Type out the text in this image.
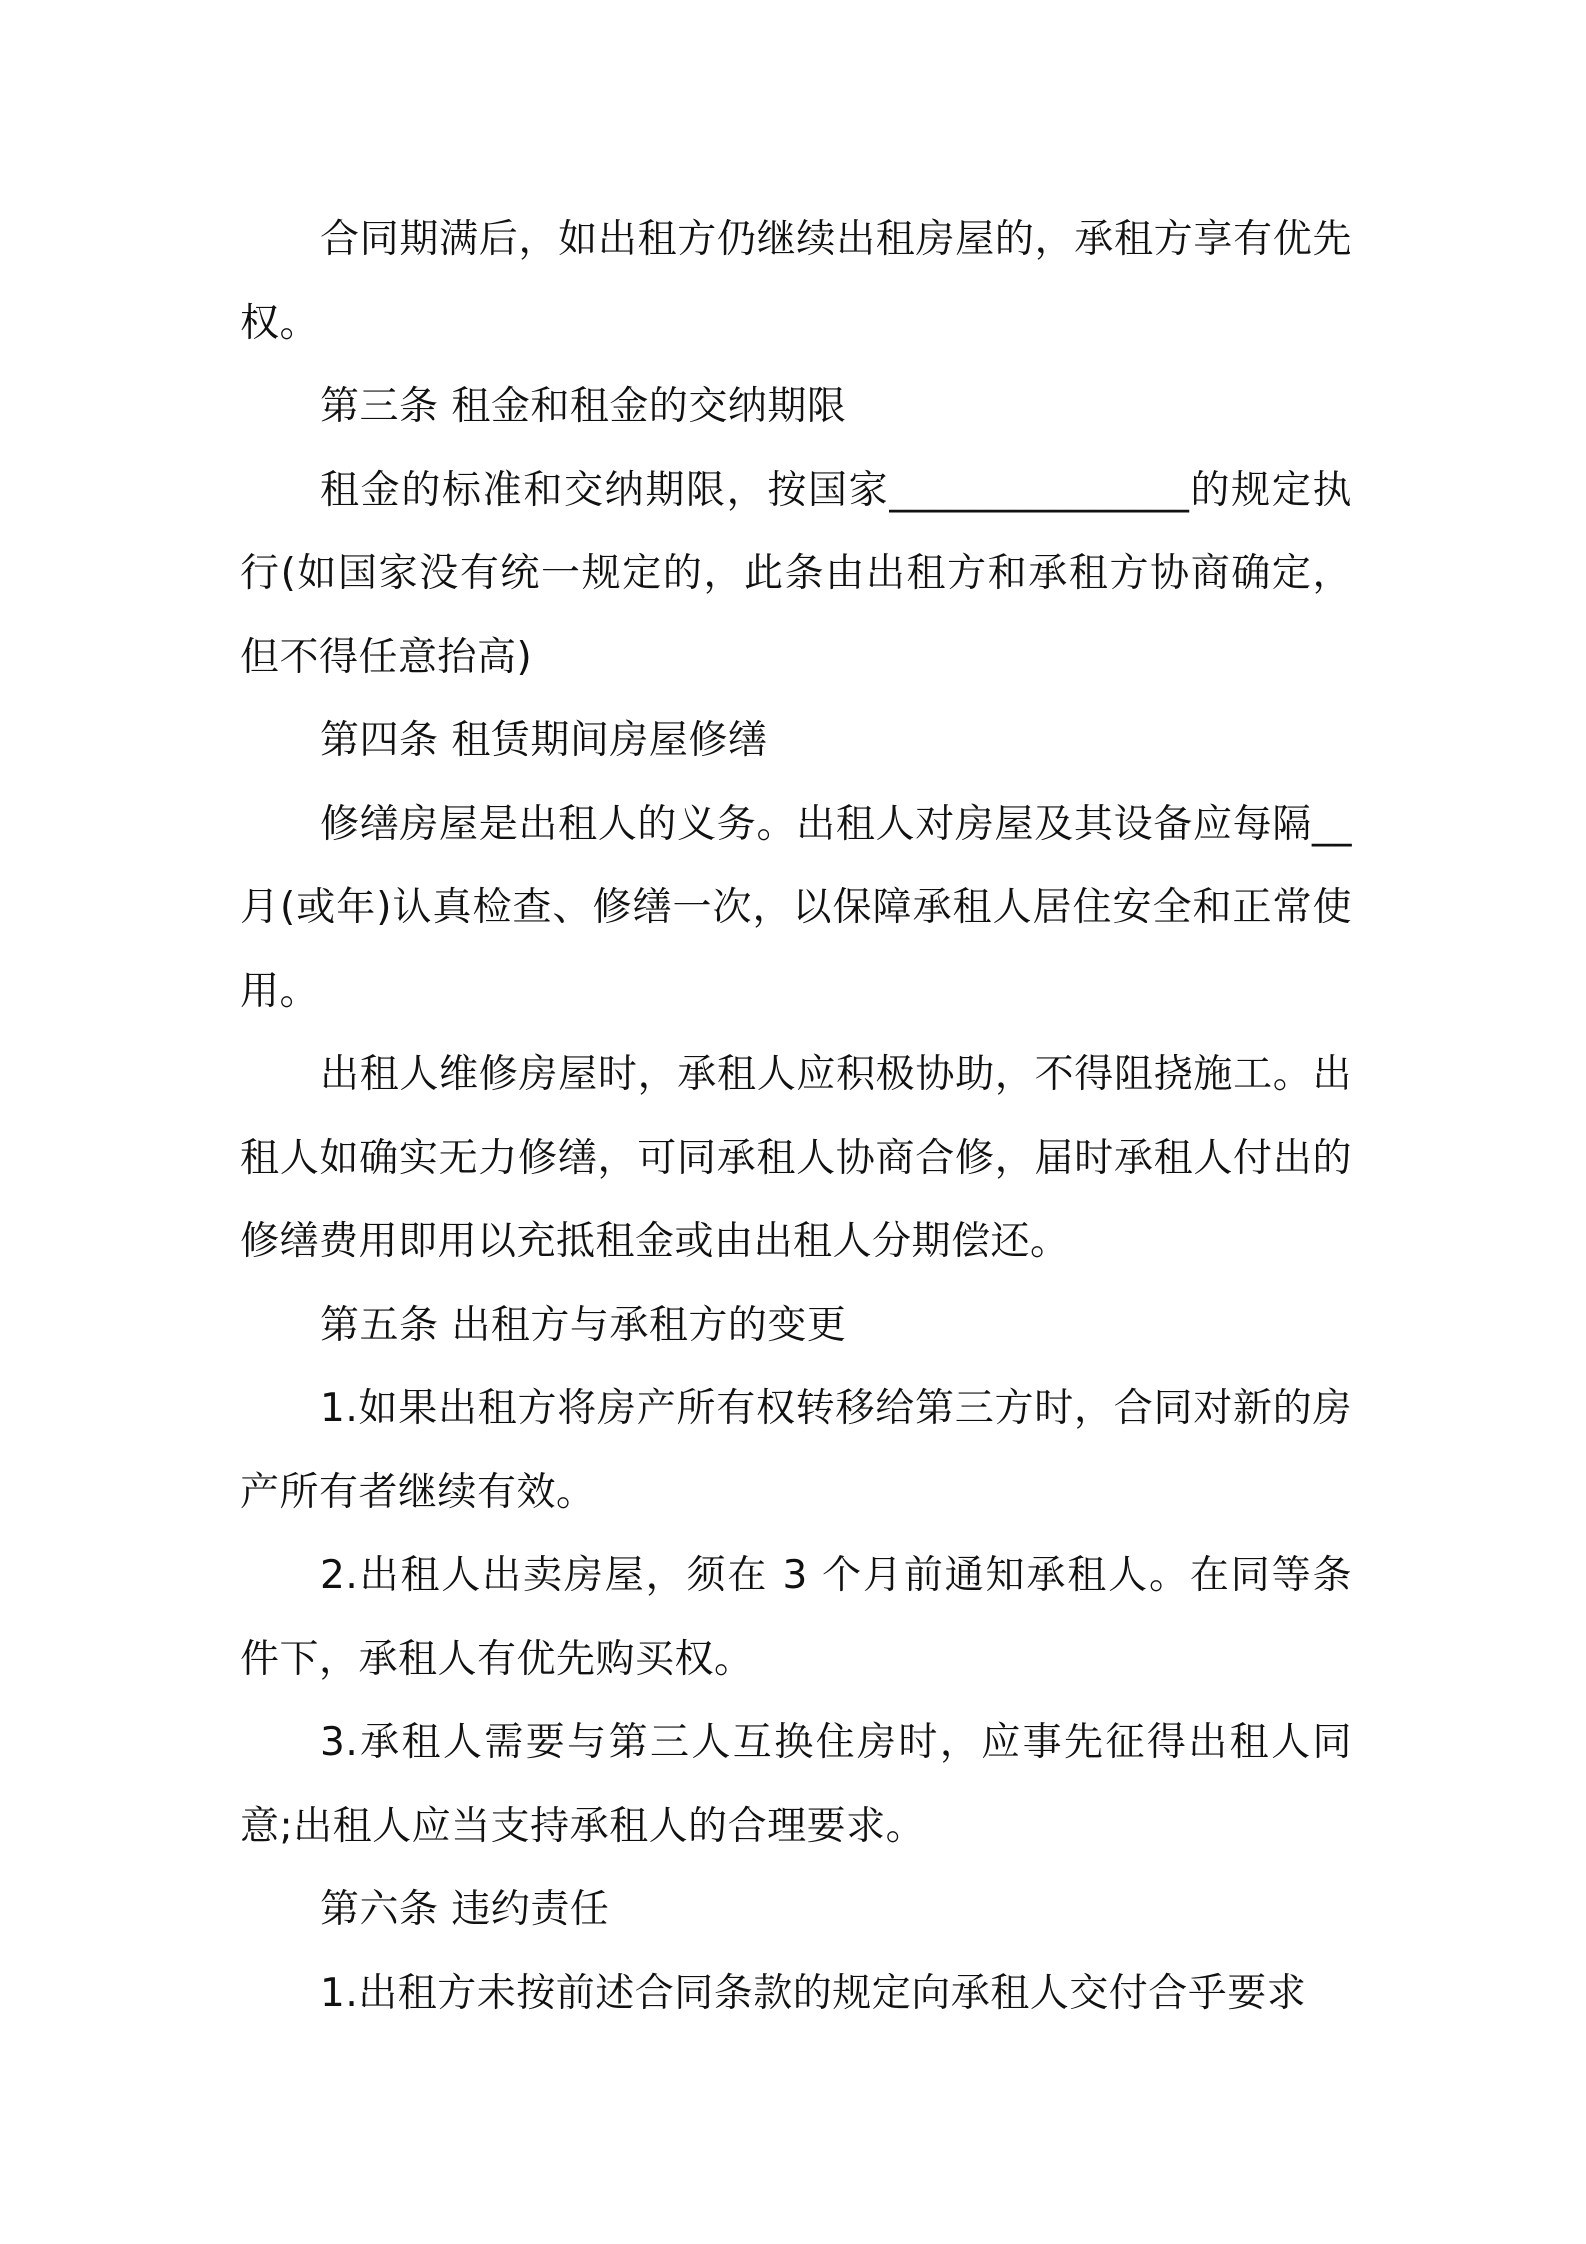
合同期满后，如出租方仍继续出租房屋的，承租方享有优先权。

第三条 租金和租金的交纳期限

租金的标准和交纳期限，按国家_______________的规定执行(如国家没有统一规定的，此条由出租方和承租方协商确定，但不得任意抬高)

第四条 租赁期间房屋修缮

修缮房屋是出租人的义务。出租人对房屋及其设备应每隔__月(或年)认真检查、修缮一次，以保障承租人居住安全和正常使用。

出租人维修房屋时，承租人应积极协助，不得阻挠施工。出租人如确实无力修缮，可同承租人协商合修，届时承租人付出的修缮费用即用以充抵租金或由出租人分期偿还。

第五条 出租方与承租方的变更

1.如果出租方将房产所有权转移给第三方时，合同对新的房产所有者继续有效。

2.出租人出卖房屋，须在 3 个月前通知承租人。在同等条件下，承租人有优先购买权。

3.承租人需要与第三人互换住房时，应事先征得出租人同意;出租人应当支持承租人的合理要求。

第六条 违约责任

1.出租方未按前述合同条款的规定向承租人交付合乎要求
